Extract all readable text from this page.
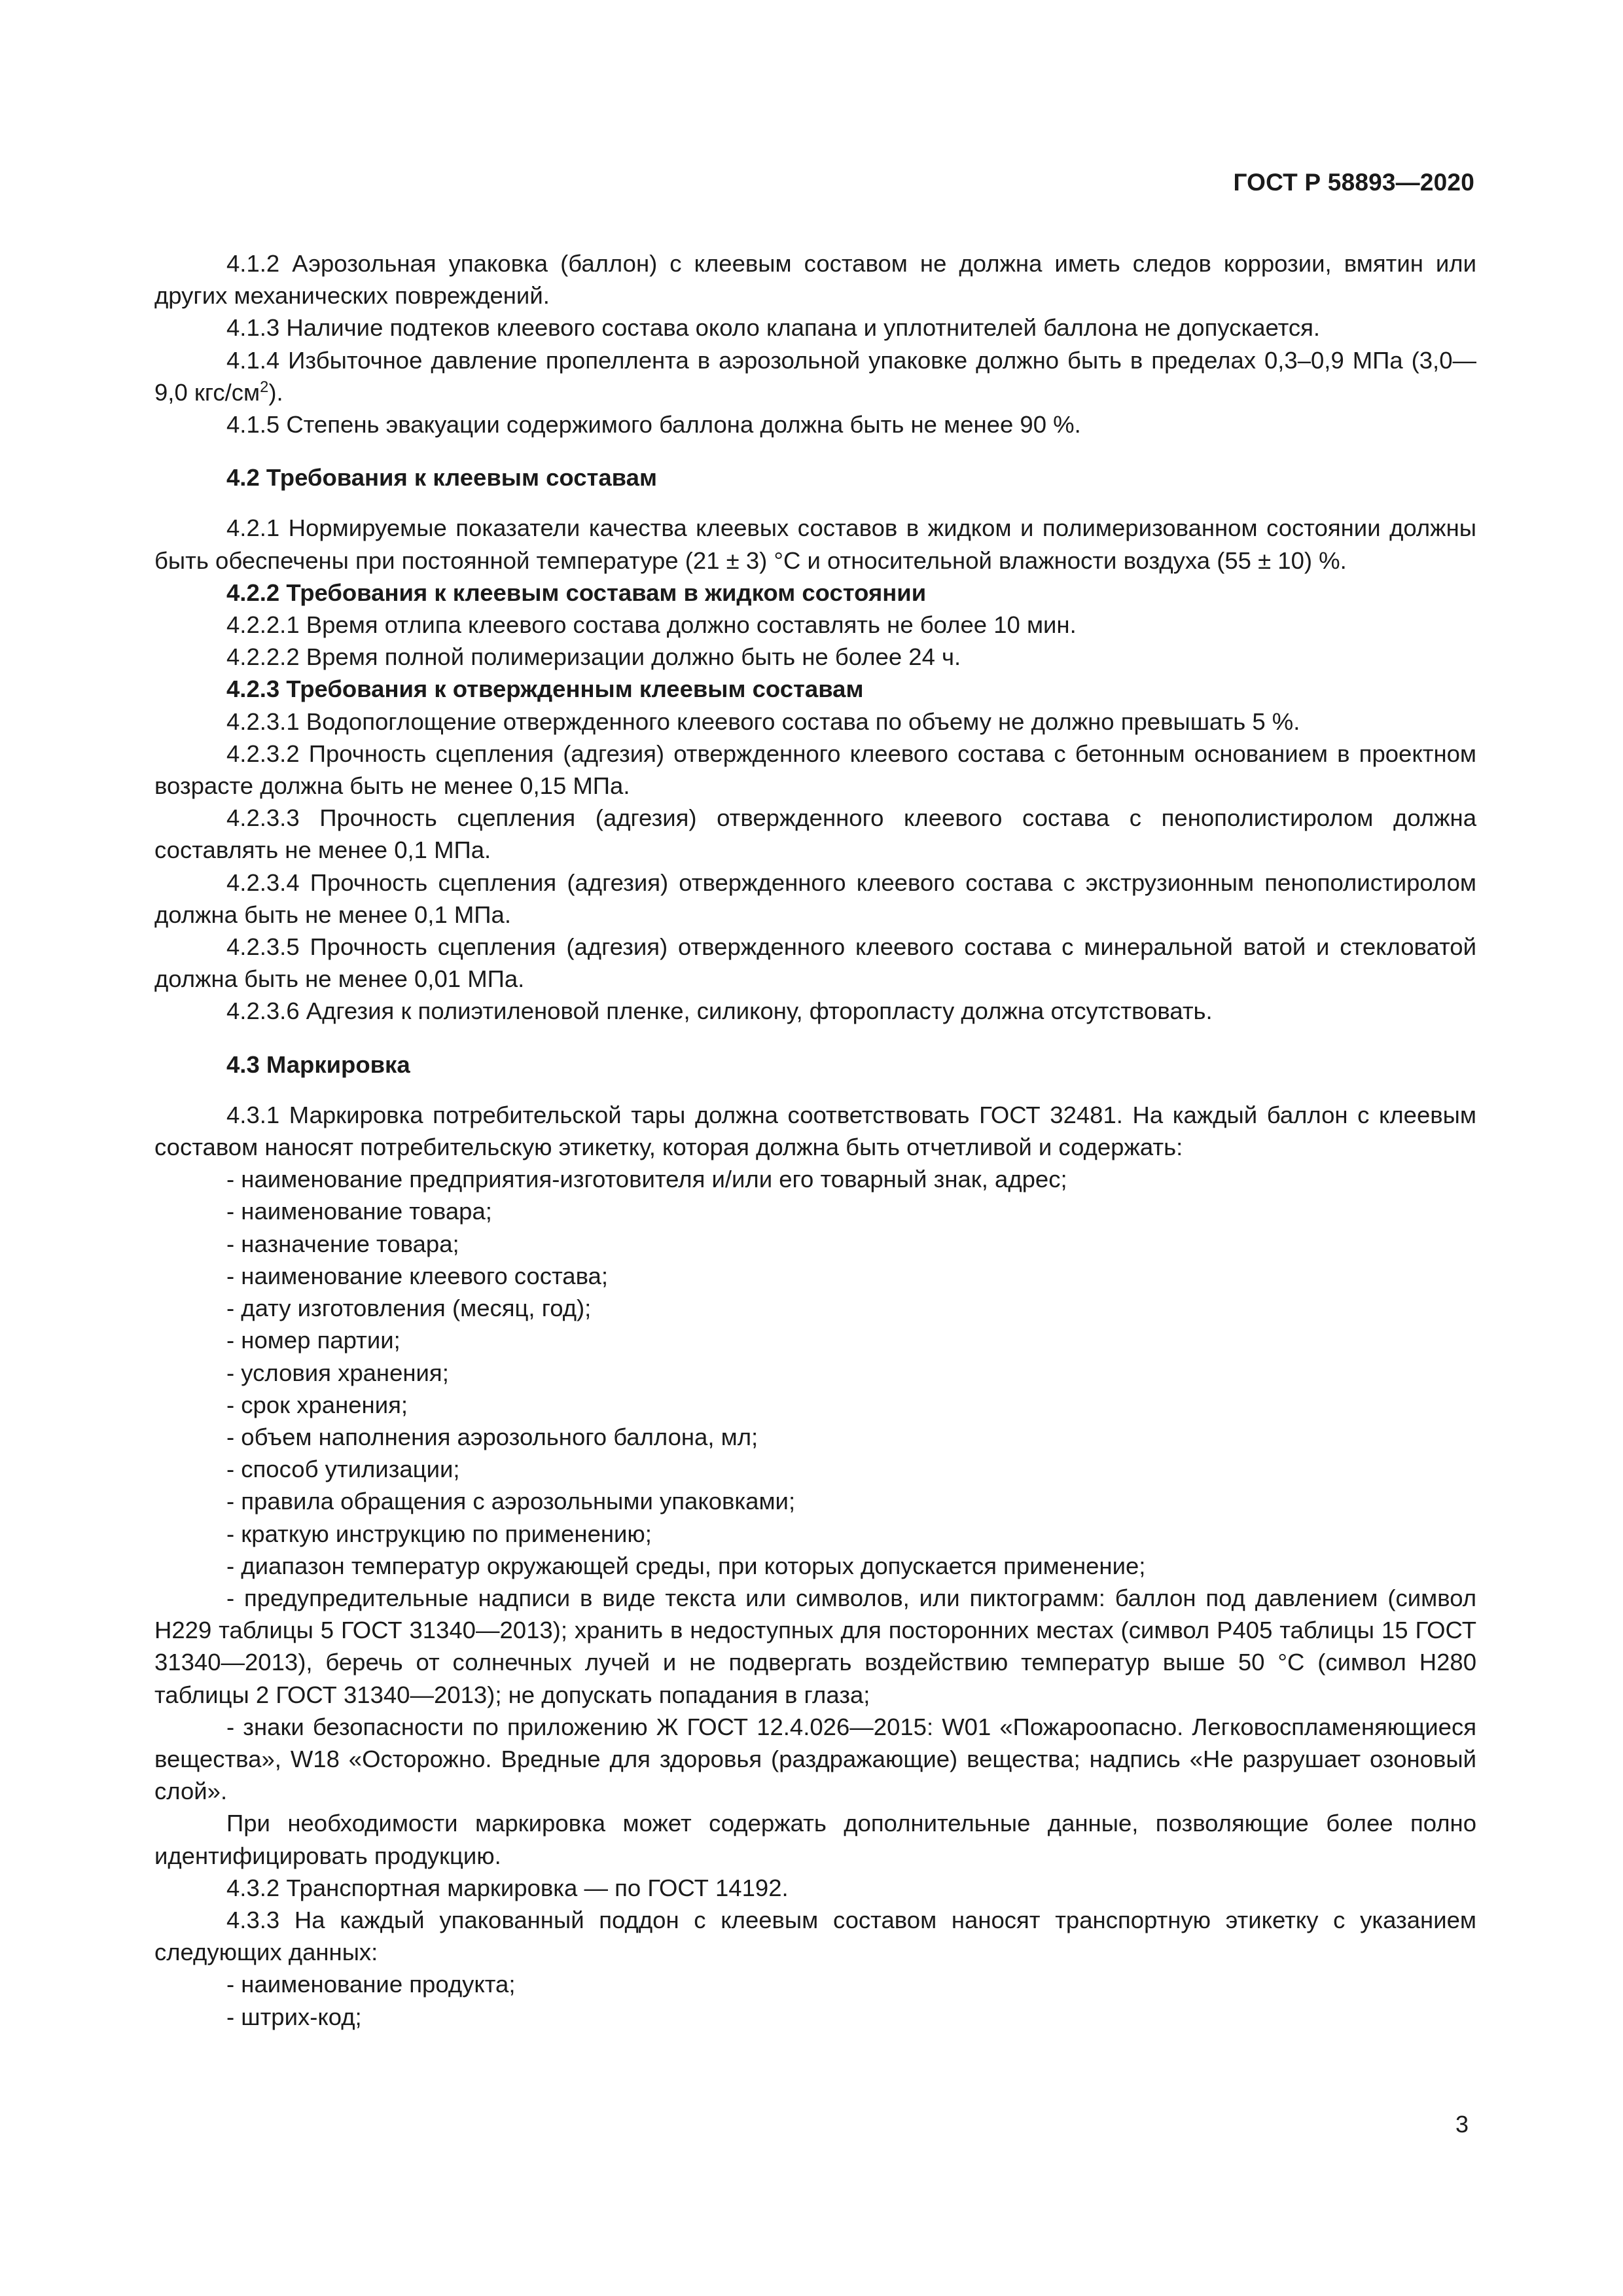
ГОСТ Р 58893—2020

4.1.2 Аэрозольная упаковка (баллон) с клеевым составом не должна иметь следов коррозии, вмятин или других механических повреждений.

4.1.3 Наличие подтеков клеевого состава около клапана и уплотнителей баллона не допускается.

4.1.4 Избыточное давление пропеллента в аэрозольной упаковке должно быть в пределах 0,3–0,9 МПа (3,0—9,0 кгс/$см^2$).

4.1.5 Степень эвакуации содержимого баллона должна быть не менее 90 %.

4.2 Требования к клеевым составам

4.2.1 Нормируемые показатели качества клеевых составов в жидком и полимеризованном состоянии должны быть обеспечены при постоянной температуре (21 ± 3) °С и относительной влажности воздуха (55 ± 10) %.

4.2.2 Требования к клеевым составам в жидком состоянии

4.2.2.1 Время отлипа клеевого состава должно составлять не более 10 мин.

4.2.2.2 Время полной полимеризации должно быть не более 24 ч.

4.2.3 Требования к отвержденным клеевым составам

4.2.3.1 Водопоглощение отвержденного клеевого состава по объему не должно превышать 5 %.

4.2.3.2 Прочность сцепления (адгезия) отвержденного клеевого состава с бетонным основанием в проектном возрасте должна быть не менее 0,15 МПа.

4.2.3.3 Прочность сцепления (адгезия) отвержденного клеевого состава с пенополистиролом должна составлять не менее 0,1 МПа.

4.2.3.4 Прочность сцепления (адгезия) отвержденного клеевого состава с экструзионным пенополистиролом должна быть не менее 0,1 МПа.

4.2.3.5 Прочность сцепления (адгезия) отвержденного клеевого состава с минеральной ватой и стекловатой должна быть не менее 0,01 МПа.

4.2.3.6 Адгезия к полиэтиленовой пленке, силикону, фторопласту должна отсутствовать.

4.3 Маркировка

4.3.1 Маркировка потребительской тары должна соответствовать ГОСТ 32481. На каждый баллон с клеевым составом наносят потребительскую этикетку, которая должна быть отчетливой и содержать:

- наименование предприятия-изготовителя и/или его товарный знак, адрес;

- наименование товара;

- назначение товара;

- наименование клеевого состава;

- дату изготовления (месяц, год);

- номер партии;

- условия хранения;

- срок хранения;

- объем наполнения аэрозольного баллона, мл;

- способ утилизации;

- правила обращения с аэрозольными упаковками;

- краткую инструкцию по применению;

- диапазон температур окружающей среды, при которых допускается применение;

- предупредительные надписи в виде текста или символов, или пиктограмм: баллон под давлением (символ Н229 таблицы 5 ГОСТ 31340—2013); хранить в недоступных для посторонних местах (символ Р405 таблицы 15 ГОСТ 31340—2013), беречь от солнечных лучей и не подвергать воздействию температур выше 50 °С (символ Н280 таблицы 2 ГОСТ 31340—2013); не допускать попадания в глаза;

- знаки безопасности по приложению Ж ГОСТ 12.4.026—2015: W01 «Пожароопасно. Легковоспламеняющиеся вещества», W18 «Осторожно. Вредные для здоровья (раздражающие) вещества; надпись «Не разрушает озоновый слой».

При необходимости маркировка может содержать дополнительные данные, позволяющие более полно идентифицировать продукцию.

4.3.2 Транспортная маркировка — по ГОСТ 14192.

4.3.3 На каждый упакованный поддон с клеевым составом наносят транспортную этикетку с указанием следующих данных:

- наименование продукта;

- штрих-код;

3
